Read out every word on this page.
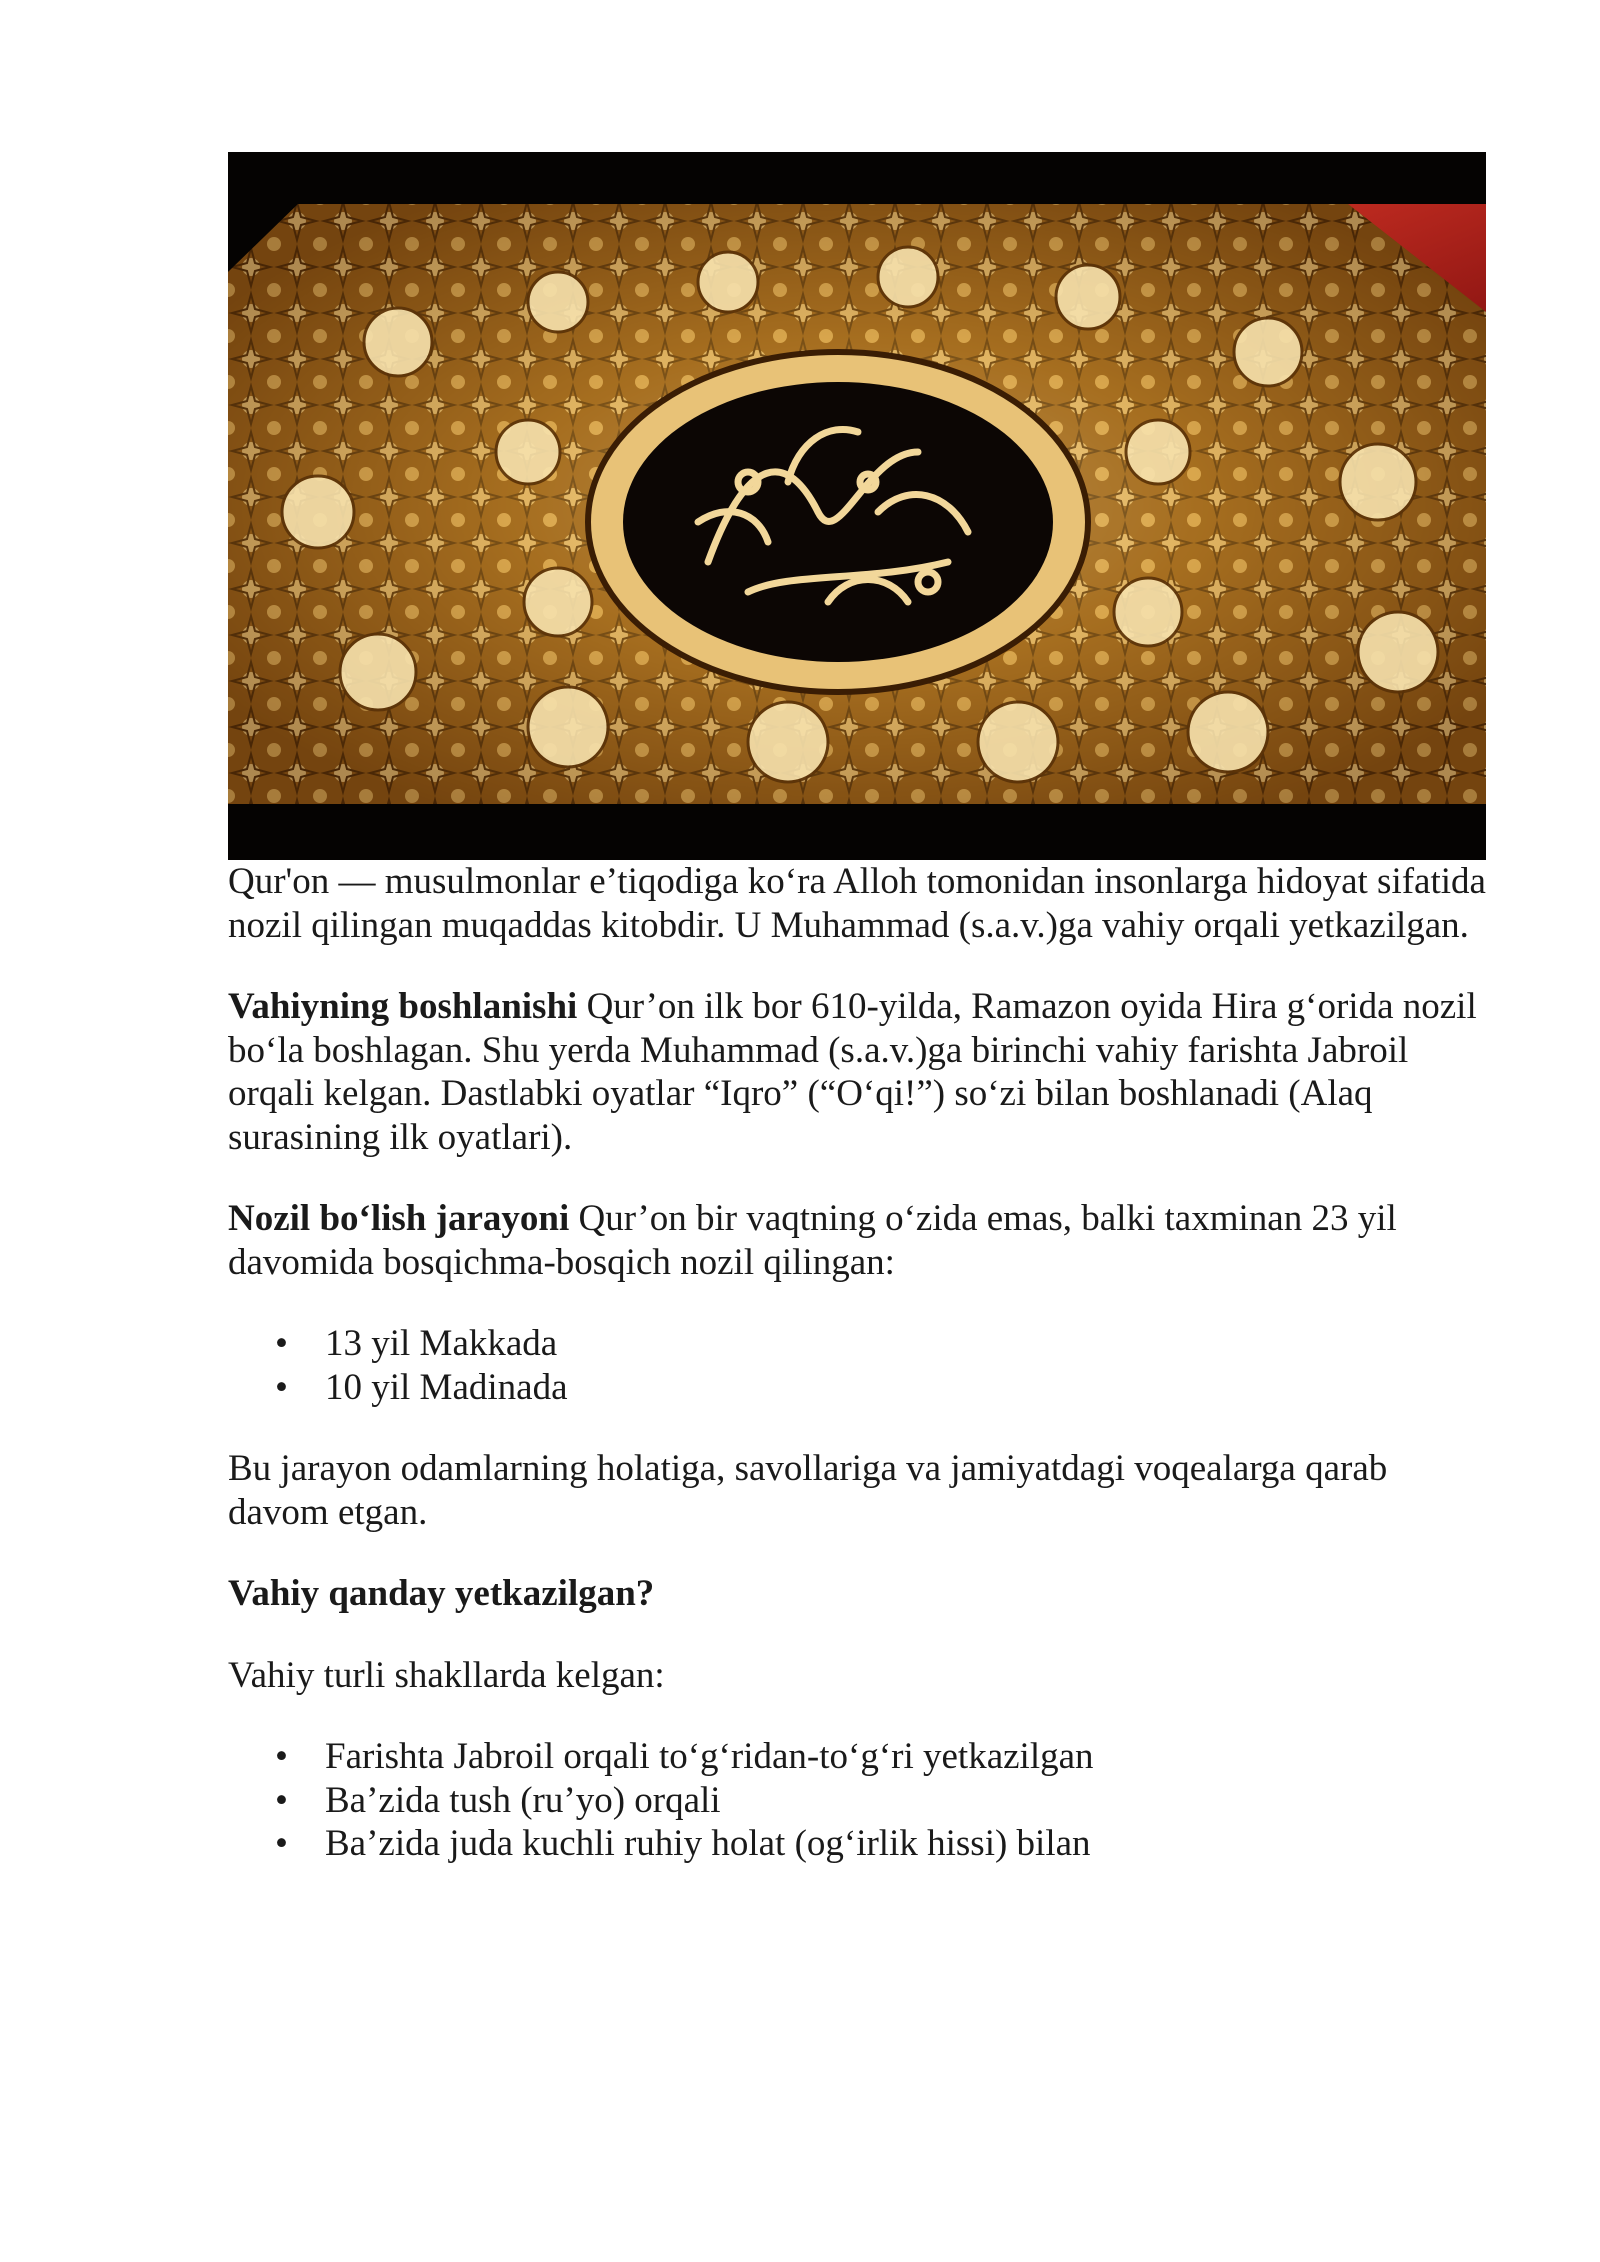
Qur'on — musulmonlar e’tiqodiga koʻra Alloh tomonidan insonlarga hidoyat sifatida nozil qilingan muqaddas kitobdir. U Muhammad (s.a.v.)ga vahiy orqali yetkazilgan.

Vahiyning boshlanishi Qur’on ilk bor 610-yilda, Ramazon oyida Hira gʻorida nozil boʻla boshlagan. Shu yerda Muhammad (s.a.v.)ga birinchi vahiy farishta Jabroil orqali kelgan. Dastlabki oyatlar “Iqro” (“Oʻqi!”) soʻzi bilan boshlanadi (Alaq surasining ilk oyatlari).

Nozil boʻlish jarayoni Qur’on bir vaqtning oʻzida emas, balki taxminan 23 yil davomida bosqichma-bosqich nozil qilingan:

• 13 yil Makkada
• 10 yil Madinada

Bu jarayon odamlarning holatiga, savollariga va jamiyatdagi voqealarga qarab davom etgan.

Vahiy qanday yetkazilgan?

Vahiy turli shakllarda kelgan:

• Farishta Jabroil orqali toʻgʻridan-toʻgʻri yetkazilgan
• Ba’zida tush (ru’yo) orqali
• Ba’zida juda kuchli ruhiy holat (ogʻirlik hissi) bilan
